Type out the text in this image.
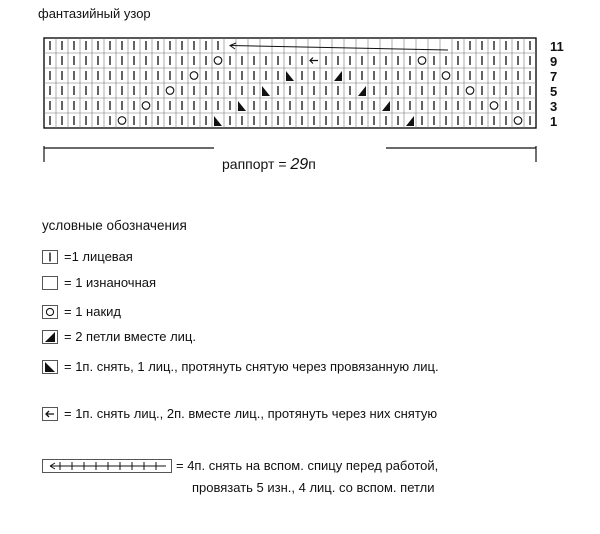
фантазийный узор
11
9
7
5
3
1
раппорт = 29п
условные обозначения
=1 лицевая
= 1 изнаночная
= 1 накид
= 2 петли вместе лиц.
= 1п. снять, 1 лиц., протянуть снятую через провязанную лиц.
= 1п. снять лиц., 2п. вместе лиц., протянуть через них снятую
= 4п. снять на вспом. спицу перед работой,
провязать 5 изн., 4 лиц. со вспом. петли
